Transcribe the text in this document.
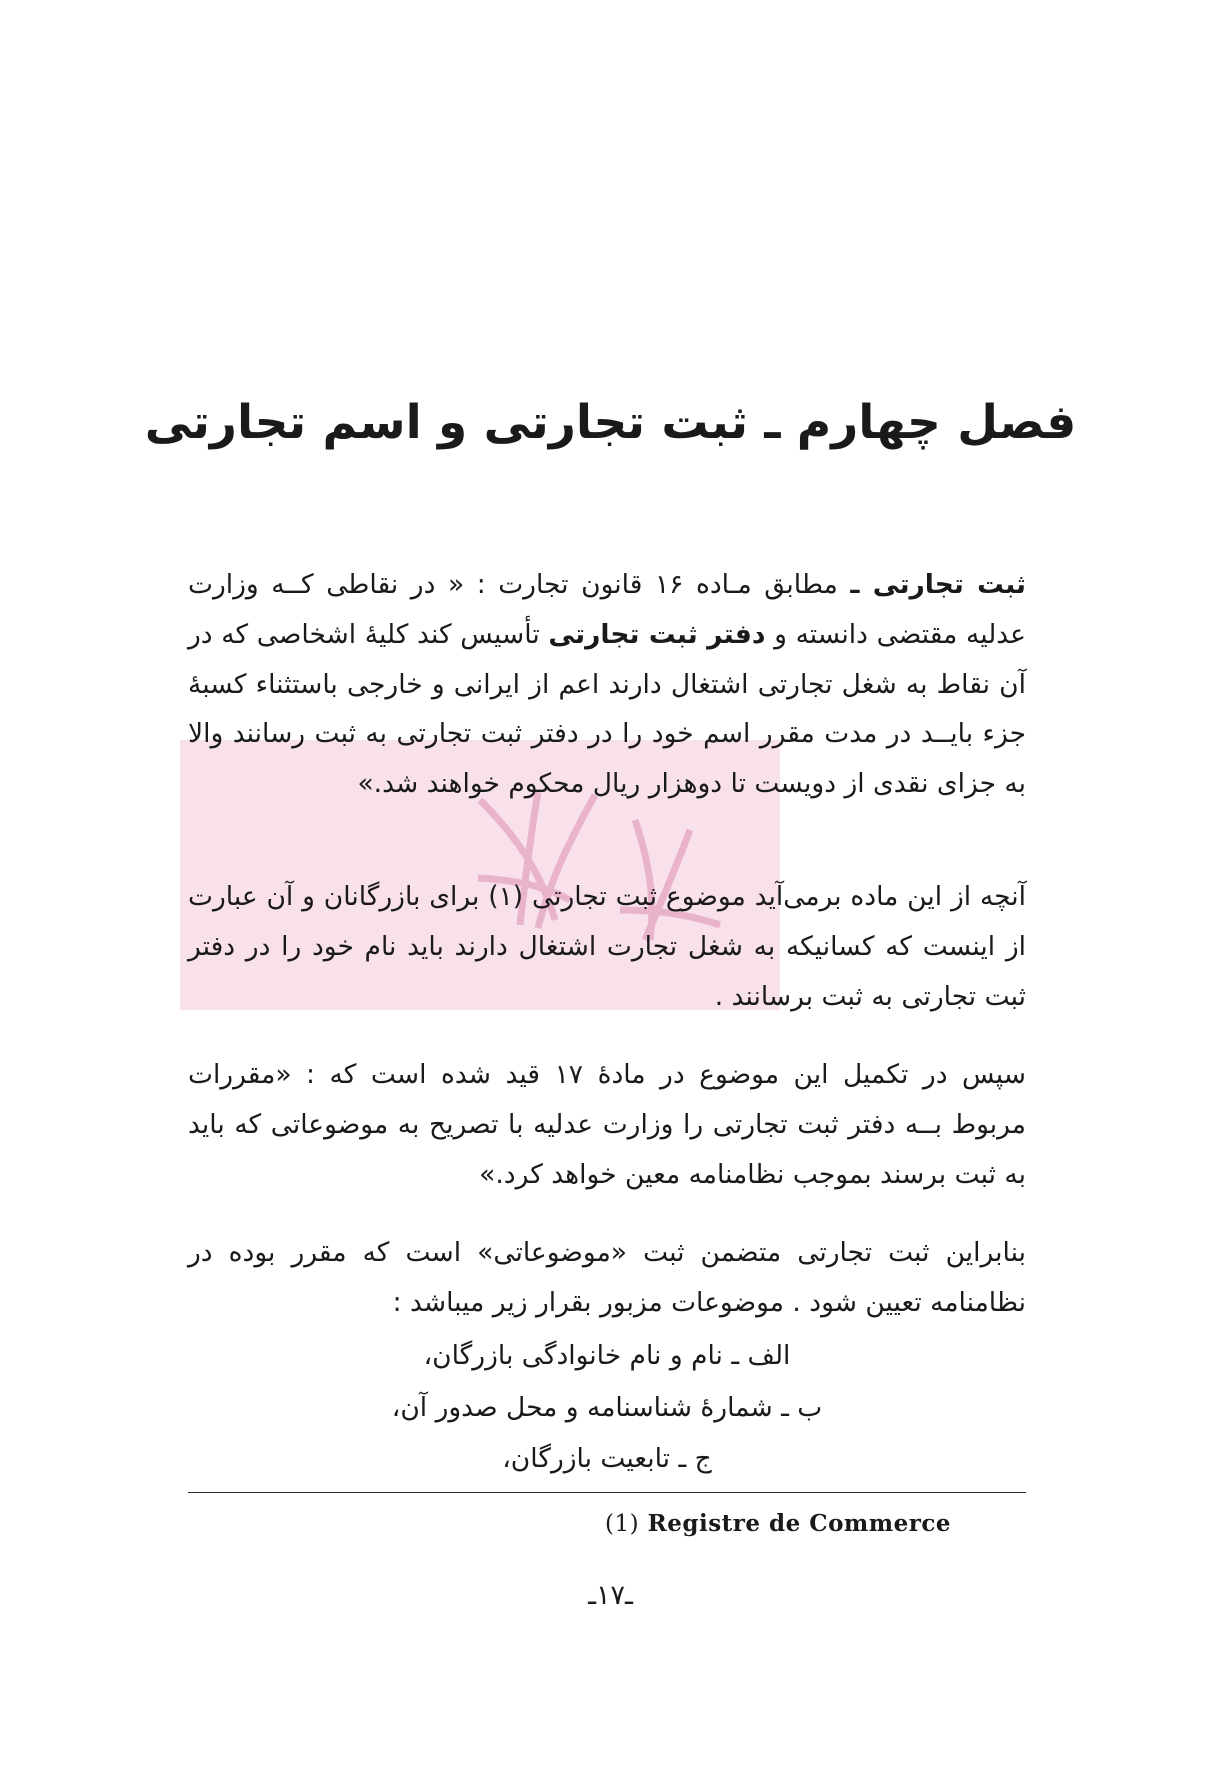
فصل چهارم ـ ثبت تجارتی و اسم تجارتی
ثبت تجارتی ـ مطابق مـاده ۱۶ قانون تجارت : « در نقاطی کــه وزارت عدلیه مقتضی دانسته و دفتر ثبت تجارتی تأسیس کند کلیهٔ اشخاصی که در آن نقاط به شغل تجارتی اشتغال دارند اعم از ایرانی و خارجی باستثناء کسبهٔ جزء بایــد در مدت مقرر اسم خود را در دفتر ثبت تجارتی به ثبت رسانند والا به جزای نقدی از دویست تا دوهزار ریال محکوم خواهند شد.»
آنچه از این ماده برمی‌آید موضوع ثبت تجارتی (۱) برای بازرگانان و آن عبارت از اینست که کسانیکه به شغل تجارت اشتغال دارند باید نام خود را در دفتر ثبت تجارتی به ثبت برسانند .
سپس در تکمیل این موضوع در مادهٔ ۱۷ قید شده است که : «مقررات مربوط بــه دفتر ثبت تجارتی را وزارت عدلیه با تصریح به موضوعاتی که باید به ثبت برسند بموجب نظامنامه معین خواهد کرد.»
بنابراین ثبت تجارتی متضمن ثبت «موضوعاتی» است که مقرر بوده در نظامنامه تعیین شود . موضوعات مزبور بقرار زیر میباشد :
الف ـ نام و نام خانوادگی بازرگان،
ب ـ شمارهٔ شناسنامه و محل صدور آن،
ج ـ تابعیت بازرگان،
(1) Registre de Commerce
ـ۱۷ـ
